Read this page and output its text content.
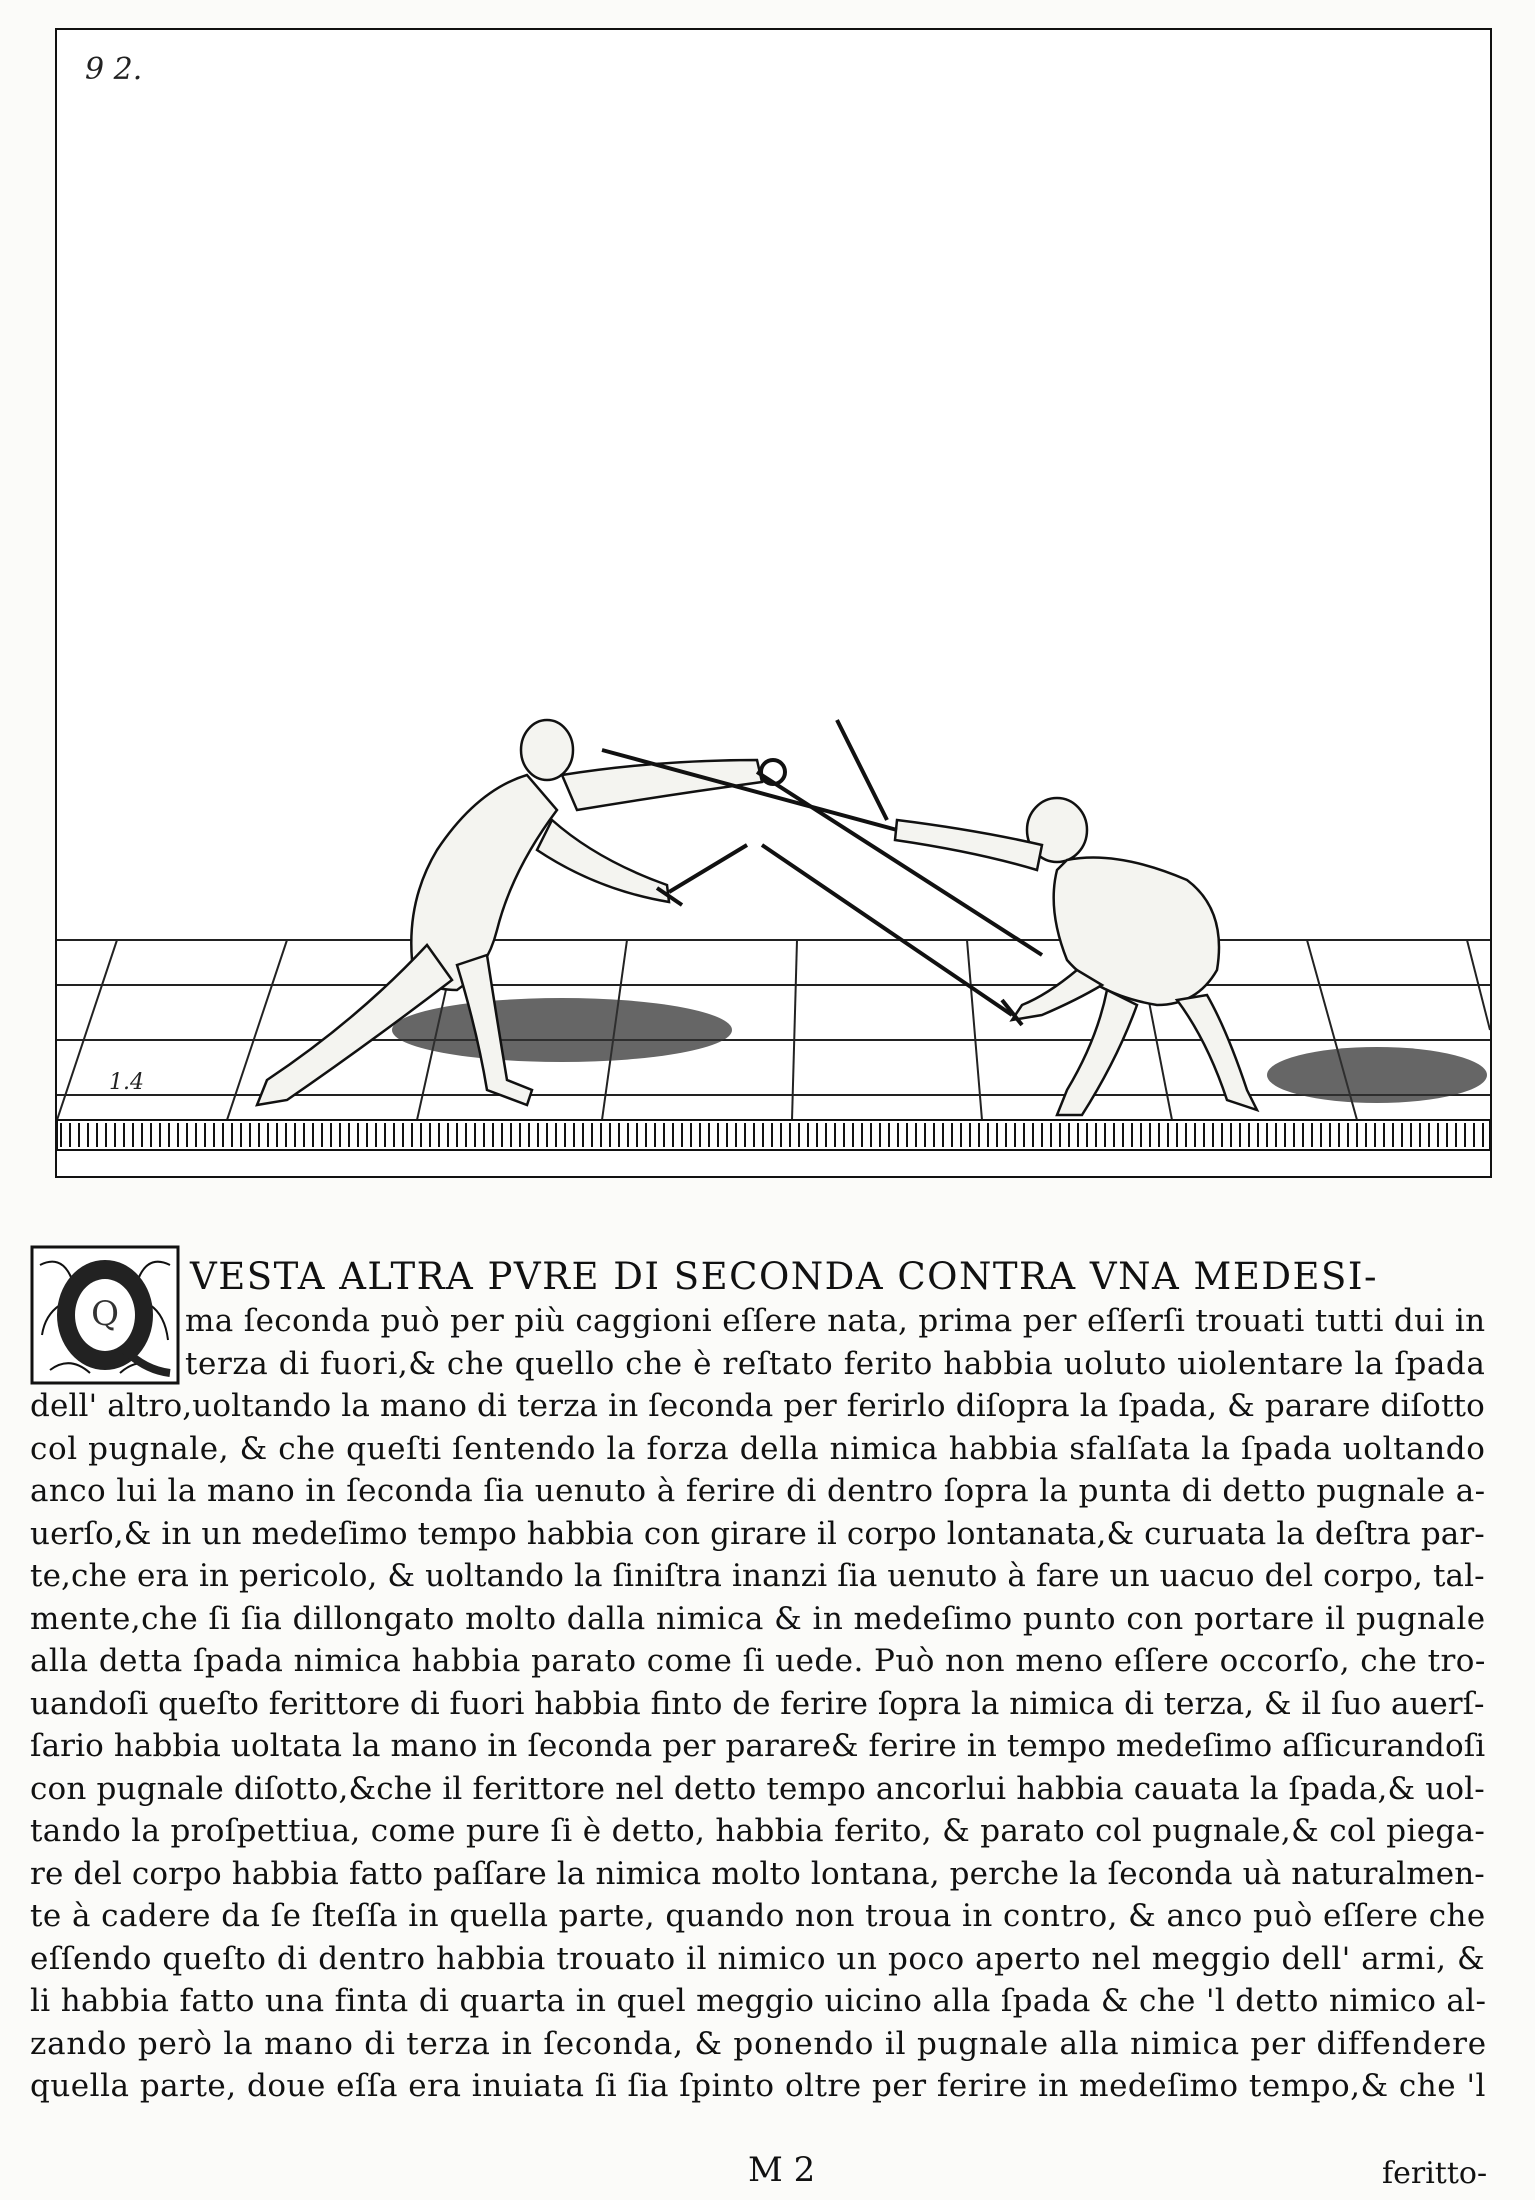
9 2.
1.4
Q
VESTA ALTRA PVRE DI SECONDA CONTRA VNA MEDESI-
ma ſeconda può per più caggioni eſſere nata, prima per eſſerſi trouati tutti dui in
terza di fuori,& che quello che è reſtato ferito habbia uoluto uiolentare la ſpada
dell' altro,uoltando la mano di terza in ſeconda per ferirlo diſopra la ſpada, & parare diſotto
col pugnale, & che queſti ſentendo la forza della nimica habbia sfalſata la ſpada uoltando
anco lui la mano in ſeconda ſia uenuto à ferire di dentro ſopra la punta di detto pugnale a-
uerſo,& in un medeſimo tempo habbia con girare il corpo lontanata,& curuata la deſtra par-
te,che era in pericolo, & uoltando la ſiniſtra inanzi ſia uenuto à fare un uacuo del corpo, tal-
mente,che ſi ſia dillongato molto dalla nimica & in medeſimo punto con portare il pugnale
alla detta ſpada nimica habbia parato come ſi uede. Può non meno eſſere occorſo, che tro-
uandoſi queſto ferittore di fuori habbia finto de ferire ſopra la nimica di terza, & il ſuo auerſ-
ſario habbia uoltata la mano in ſeconda per parare& ferire in tempo medeſimo aſſicurandoſi
con pugnale diſotto,&che il ferittore nel detto tempo ancorlui habbia cauata la ſpada,& uol-
tando la proſpettiua, come pure ſi è detto, habbia ferito, & parato col pugnale,& col piega-
re del corpo habbia fatto paſſare la nimica molto lontana, perche la ſeconda uà naturalmen-
te à cadere da ſe ſteſſa in quella parte, quando non troua in contro, & anco può eſſere che
eſſendo queſto di dentro habbia trouato il nimico un poco aperto nel meggio dell' armi, &
li habbia fatto una finta di quarta in quel meggio uicino alla ſpada & che 'l detto nimico al-
zando però la mano di terza in ſeconda, & ponendo il pugnale alla nimica per diffendere
quella parte, doue eſſa era inuiata ſi ſia ſpinto oltre per ferire in medeſimo tempo,& che 'l
M 2	feritto-
